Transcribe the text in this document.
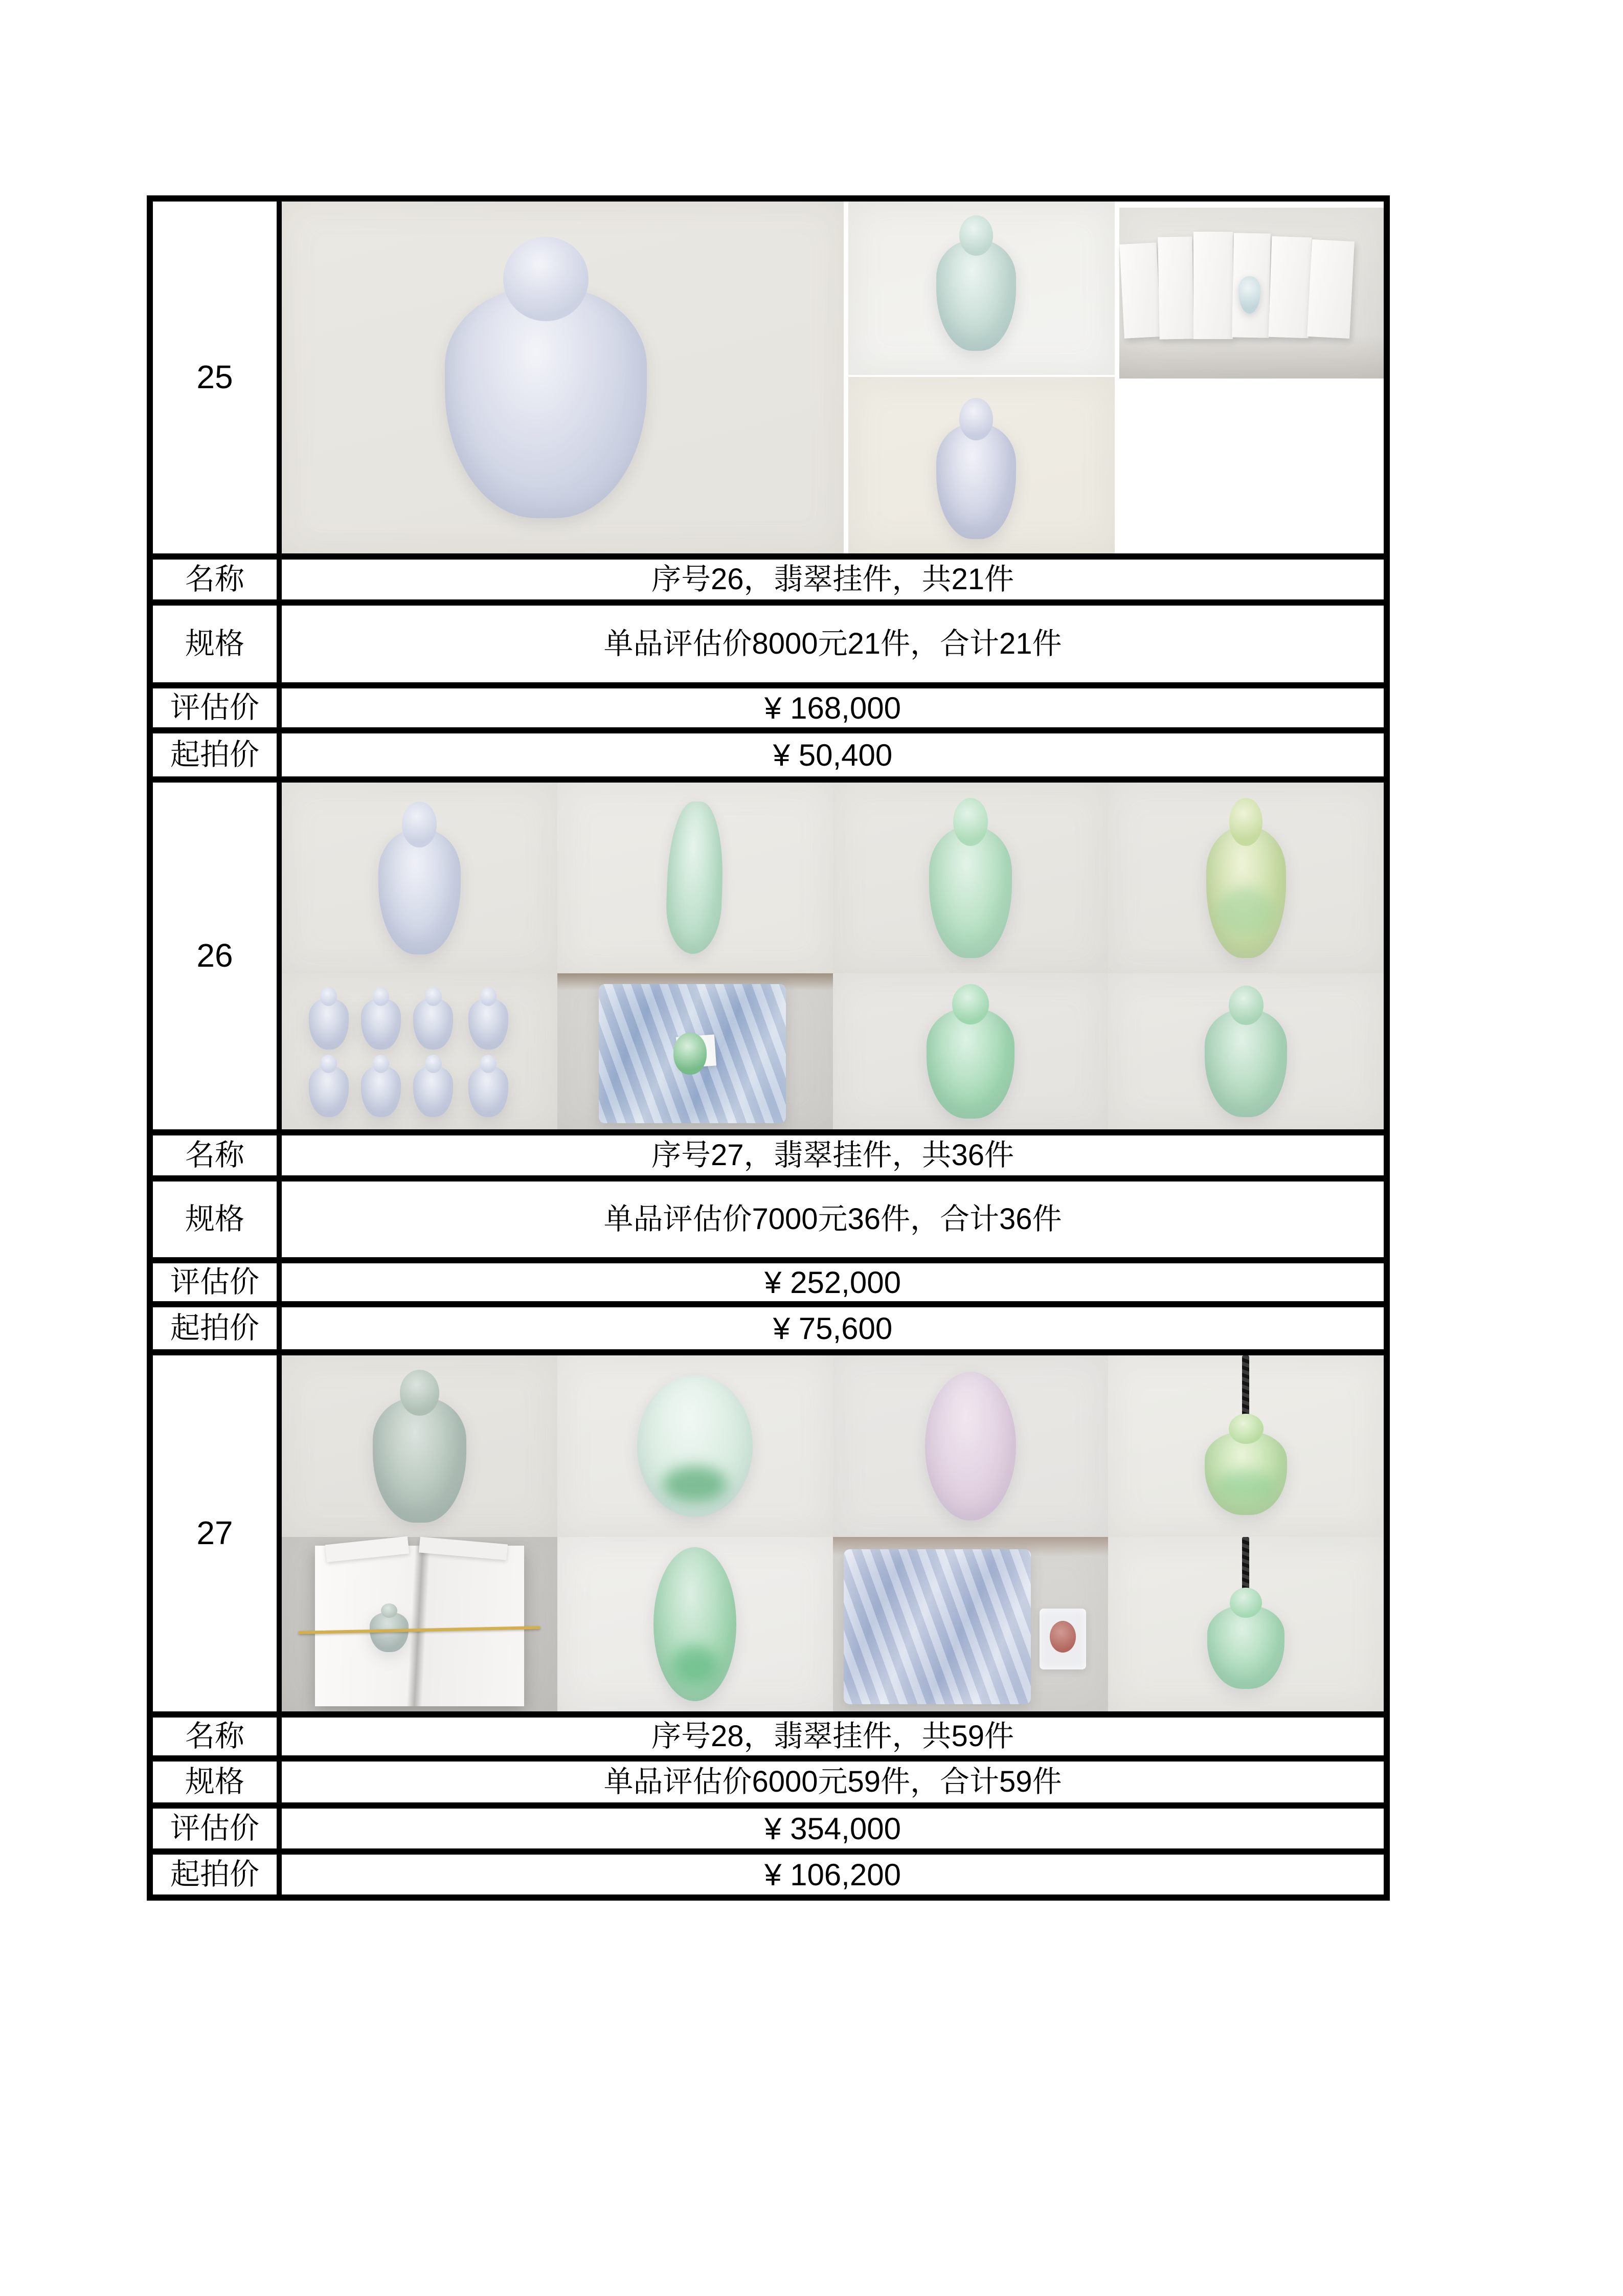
25
名称	序号26，翡翠挂件，共21件
规格	单品评估价8000元21件，合计21件
评估价	¥ 168,000
起拍价	¥ 50,400
26
名称	序号27，翡翠挂件，共36件
规格	单品评估价7000元36件，合计36件
评估价	¥ 252,000
起拍价	¥ 75,600
27
名称	序号28，翡翠挂件，共59件
规格	单品评估价6000元59件，合计59件
评估价	¥ 354,000
起拍价	¥ 106,200
